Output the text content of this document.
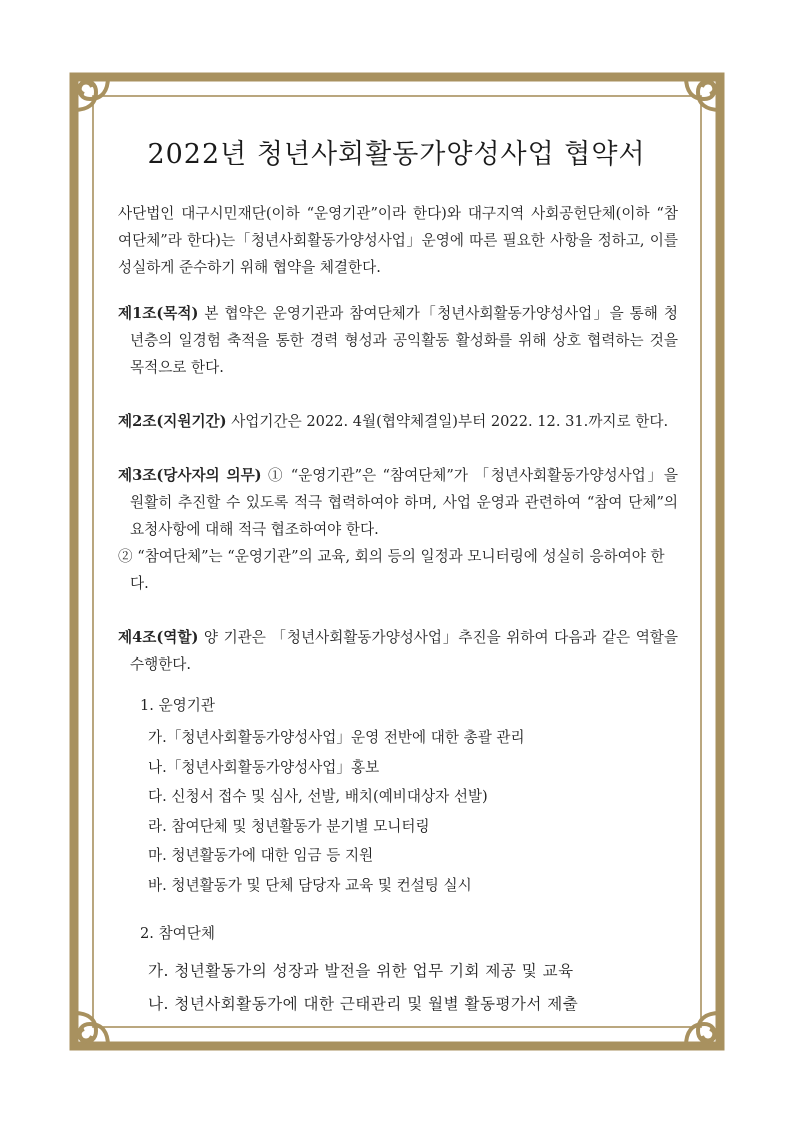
2022년 청년사회활동가양성사업 협약서

사단법인 대구시민재단(이하 “운영기관”이라 한다)와 대구지역 사회공헌단체(이하 “참여단체”라 한다)는「청년사회활동가양성사업」운영에 따른 필요한 사항을 정하고, 이를 성실하게 준수하기 위해 협약을 체결한다.

제1조(목적) 본 협약은 운영기관과 참여단체가「청년사회활동가양성사업」을 통해 청년층의 일경험 축적을 통한 경력 형성과 공익활동 활성화를 위해 상호 협력하는 것을 목적으로 한다.

제2조(지원기간) 사업기간은 2022. 4월(협약체결일)부터 2022. 12. 31.까지로 한다.

제3조(당사자의 의무) ① “운영기관”은 “참여단체”가 「청년사회활동가양성사업」을 원활히 추진할 수 있도록 적극 협력하여야 하며, 사업 운영과 관련하여 “참여 단체”의 요청사항에 대해 적극 협조하여야 한다.

② “참여단체”는 “운영기관”의 교육, 회의 등의 일정과 모니터링에 성실히 응하여야 한다.

제4조(역할) 양 기관은 「청년사회활동가양성사업」추진을 위하여 다음과 같은 역할을 수행한다.

1. 운영기관

가.「청년사회활동가양성사업」운영 전반에 대한 총괄 관리
나.「청년사회활동가양성사업」홍보
다. 신청서 접수 및 심사, 선발, 배치(예비대상자 선발)
라. 참여단체 및 청년활동가 분기별 모니터링
마. 청년활동가에 대한 임금 등 지원
바. 청년활동가 및 단체 담당자 교육 및 컨설팅 실시

2. 참여단체

가. 청년활동가의 성장과 발전을 위한 업무 기회 제공 및 교육
나. 청년사회활동가에 대한 근태관리 및 월별 활동평가서 제출
